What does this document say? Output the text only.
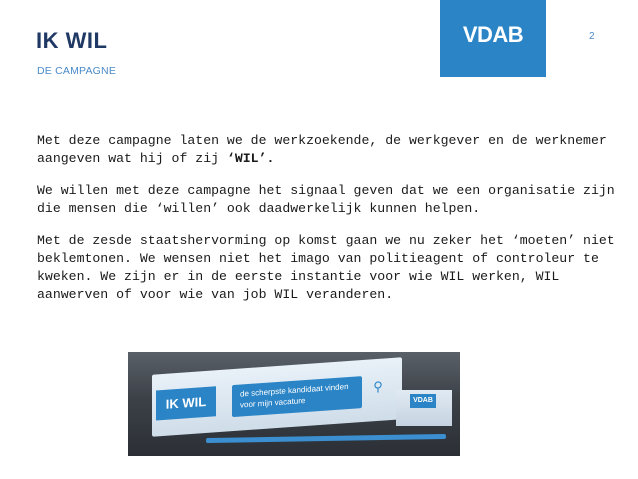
IK WIL
DE CAMPAGNE
VDAB	2

Met deze campagne laten we de werkzoekende, de werkgever en de werknemer aangeven wat hij of zij ‘WIL’.

We willen met deze campagne het signaal geven dat we een organisatie zijn die mensen die ‘willen’ ook daadwerkelijk kunnen helpen.

Met de zesde staatshervorming op komst gaan we nu zeker het ‘moeten’ niet beklemtonen. We wensen niet het imago van politieagent of controleur te kweken. We zijn er in de eerste instantie voor wie WIL werken, WIL aanwerven of voor wie van job WIL veranderen.

IK WIL
de scherpste kandidaat vinden voor mijn vacature
⚲
VDAB
